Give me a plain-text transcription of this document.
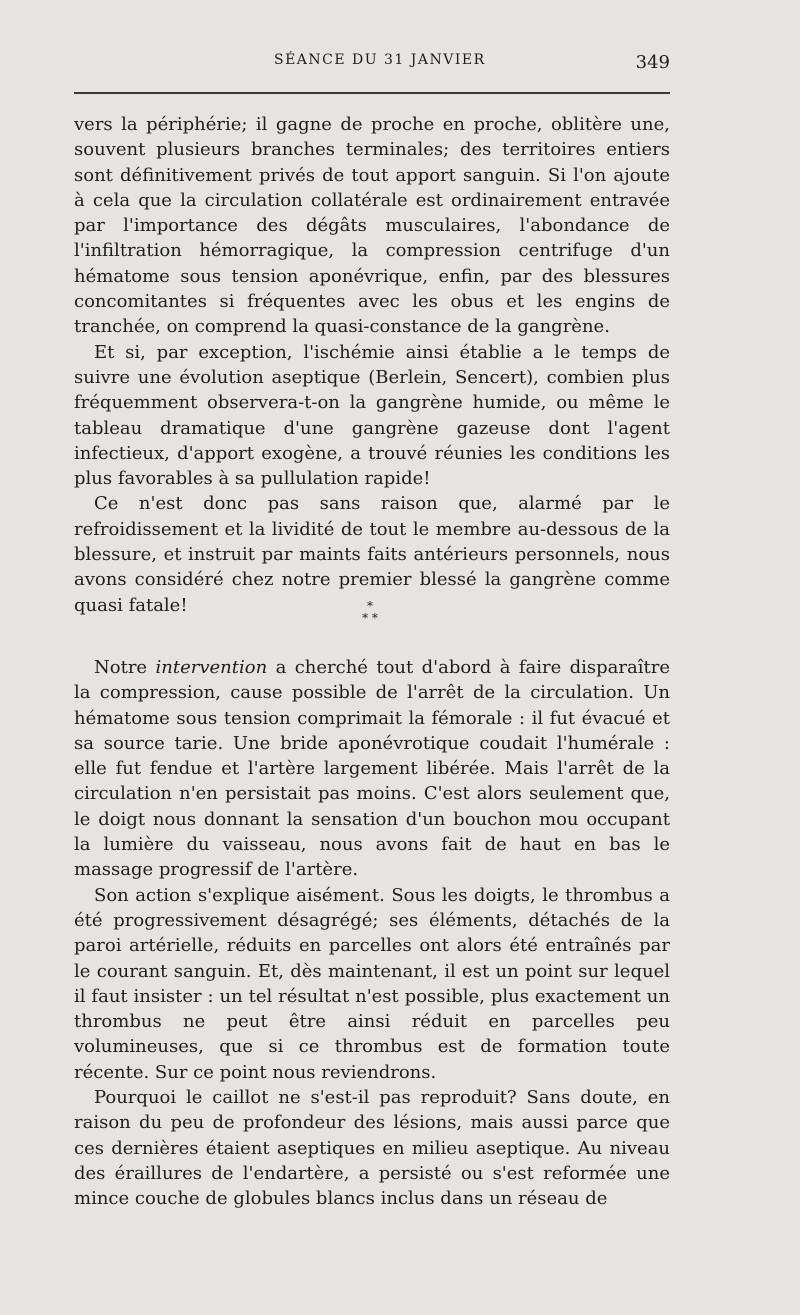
SÉANCE DU 31 JANVIER	349

vers la périphérie; il gagne de proche en proche, oblitère une, souvent plusieurs branches terminales; des territoires entiers sont définitivement privés de tout apport sanguin. Si l'on ajoute à cela que la circulation collatérale est ordinairement entravée par l'importance des dégâts musculaires, l'abondance de l'infiltration hémorragique, la compression centrifuge d'un hématome sous tension aponévrique, enfin, par des blessures concomitantes si fréquentes avec les obus et les engins de tranchée, on comprend la quasi-constance de la gangrène.

Et si, par exception, l'ischémie ainsi établie a le temps de suivre une évolution aseptique (Berlein, Sencert), combien plus fréquemment observera-t-on la gangrène humide, ou même le tableau dramatique d'une gangrène gazeuse dont l'agent infectieux, d'apport exogène, a trouvé réunies les conditions les plus favorables à sa pullulation rapide!

Ce n'est donc pas sans raison que, alarmé par le refroidissement et la lividité de tout le membre au-dessous de la blessure, et instruit par maints faits antérieurs personnels, nous avons considéré chez notre premier blessé la gangrène comme quasi fatale!	*
* *

Notre intervention a cherché tout d'abord à faire disparaître la compression, cause possible de l'arrêt de la circulation. Un hématome sous tension comprimait la fémorale : il fut évacué et sa source tarie. Une bride aponévrotique coudait l'humérale : elle fut fendue et l'artère largement libérée. Mais l'arrêt de la circulation n'en persistait pas moins. C'est alors seulement que, le doigt nous donnant la sensation d'un bouchon mou occupant la lumière du vaisseau, nous avons fait de haut en bas le massage progressif de l'artère.

Son action s'explique aisément. Sous les doigts, le thrombus a été progressivement désagrégé; ses éléments, détachés de la paroi artérielle, réduits en parcelles ont alors été entraînés par le courant sanguin. Et, dès maintenant, il est un point sur lequel il faut insister : un tel résultat n'est possible, plus exactement un thrombus ne peut être ainsi réduit en parcelles peu volumineuses, que si ce thrombus est de formation toute récente. Sur ce point nous reviendrons.

Pourquoi le caillot ne s'est-il pas reproduit? Sans doute, en raison du peu de profondeur des lésions, mais aussi parce que ces dernières étaient aseptiques en milieu aseptique. Au niveau des éraillures de l'endartère, a persisté ou s'est reformée une mince couche de globules blancs inclus dans un réseau de
